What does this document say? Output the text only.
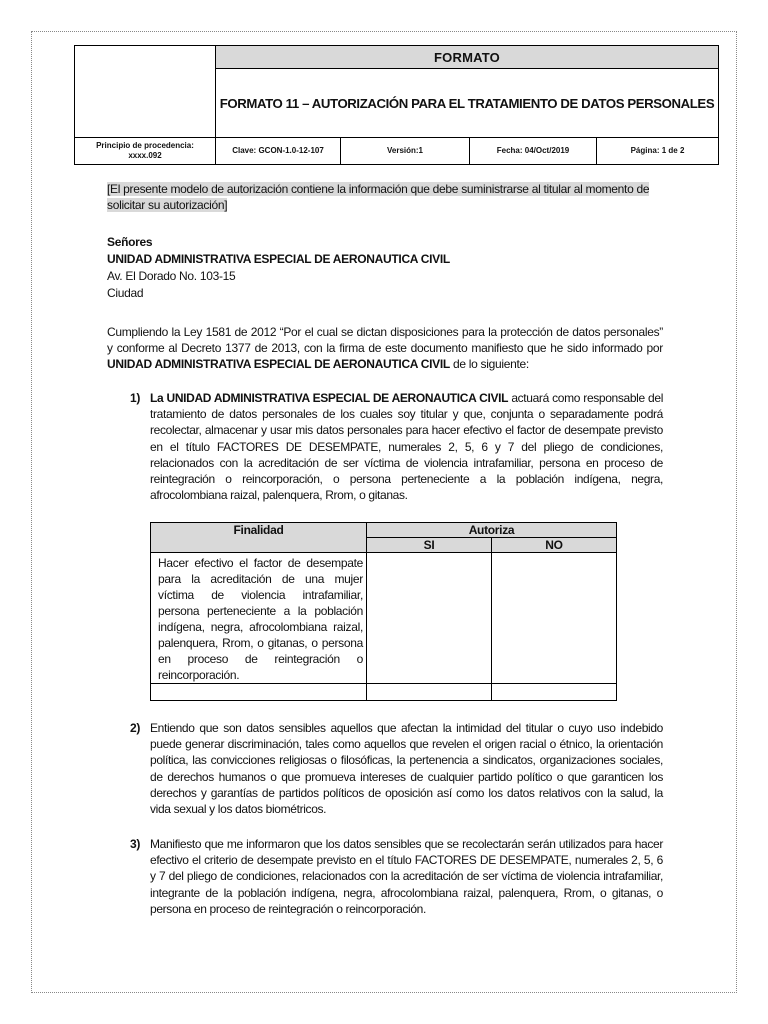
	FORMATO			
	FORMATO 11 – AUTORIZACIÓN PARA EL TRATAMIENTO DE DATOS PERSONALES			
Principio de procedencia:
xxxx.092	Clave: GCON-1.0-12-107	Versión:1	Fecha: 04/Oct/2019	Página: 1 de 2
[El presente modelo de autorización contiene la información que debe suministrarse al titular al momento de solicitar su autorización]
Señores
UNIDAD ADMINISTRATIVA ESPECIAL DE AERONAUTICA CIVIL
Av. El Dorado No. 103-15
Ciudad
Cumpliendo la Ley 1581 de 2012 “Por el cual se dictan disposiciones para la protección de datos personales” y conforme al Decreto 1377 de 2013, con la firma de este documento manifiesto que he sido informado por UNIDAD ADMINISTRATIVA ESPECIAL DE AERONAUTICA CIVIL de lo siguiente:
1) La UNIDAD ADMINISTRATIVA ESPECIAL DE AERONAUTICA CIVIL actuará como responsable del tratamiento de datos personales de los cuales soy titular y que, conjunta o separadamente podrá recolectar, almacenar y usar mis datos personales para hacer efectivo el factor de desempate previsto en el título FACTORES DE DESEMPATE, numerales 2, 5, 6 y 7 del pliego de condiciones, relacionados con la acreditación de ser víctima de violencia intrafamiliar, persona en proceso de reintegración o reincorporación, o persona perteneciente a la población indígena, negra, afrocolombiana raizal, palenquera, Rrom, o gitanas.
Finalidad	Autoriza	
	SI	NO
Hacer efectivo el factor de desempate para la acreditación de una mujer víctima de violencia intrafamiliar, persona perteneciente a la población indígena, negra, afrocolombiana raizal, palenquera, Rrom, o gitanas, o persona en proceso de reintegración o reincorporación.		

2) Entiendo que son datos sensibles aquellos que afectan la intimidad del titular o cuyo uso indebido puede generar discriminación, tales como aquellos que revelen el origen racial o étnico, la orientación política, las convicciones religiosas o filosóficas, la pertenencia a sindicatos, organizaciones sociales, de derechos humanos o que promueva intereses de cualquier partido político o que garanticen los derechos y garantías de partidos políticos de oposición así como los datos relativos con la salud, la vida sexual y los datos biométricos.
3) Manifiesto que me informaron que los datos sensibles que se recolectarán serán utilizados para hacer efectivo el criterio de desempate previsto en el título FACTORES DE DESEMPATE, numerales 2, 5, 6 y 7 del pliego de condiciones, relacionados con la acreditación de ser víctima de violencia intrafamiliar, integrante de la población indígena, negra, afrocolombiana raizal, palenquera, Rrom, o gitanas, o persona en proceso de reintegración o reincorporación.
